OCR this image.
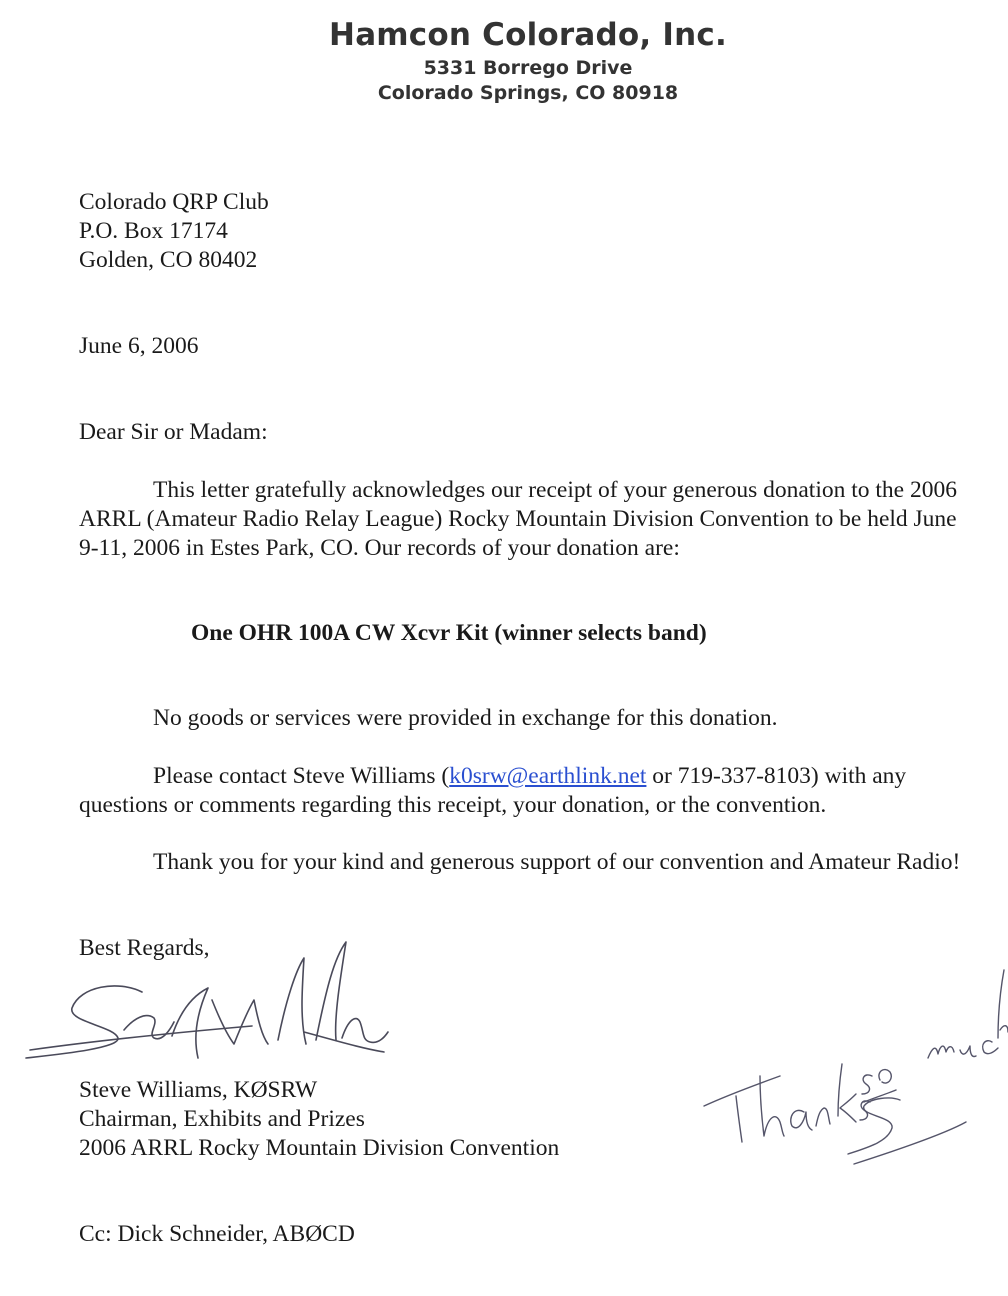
Hamcon Colorado, Inc.
5331 Borrego Drive
Colorado Springs, CO 80918
Colorado QRP Club
P.O. Box 17174
Golden, CO 80402
June 6, 2006
Dear Sir or Madam:
This letter gratefully acknowledges our receipt of your generous donation to the 2006 ARRL (Amateur Radio Relay League) Rocky Mountain Division Convention to be held June 9-11, 2006 in Estes Park, CO. Our records of your donation are:
One OHR 100A CW Xcvr Kit (winner selects band)
No goods or services were provided in exchange for this donation.
Please contact Steve Williams (k0srw@earthlink.net or 719-337-8103) with any questions or comments regarding this receipt, your donation, or the convention.
Thank you for your kind and generous support of our convention and Amateur Radio!
Best Regards,
Steve Williams, KØSRW
Chairman, Exhibits and Prizes
2006 ARRL Rocky Mountain Division Convention
Cc: Dick Schneider, ABØCD
